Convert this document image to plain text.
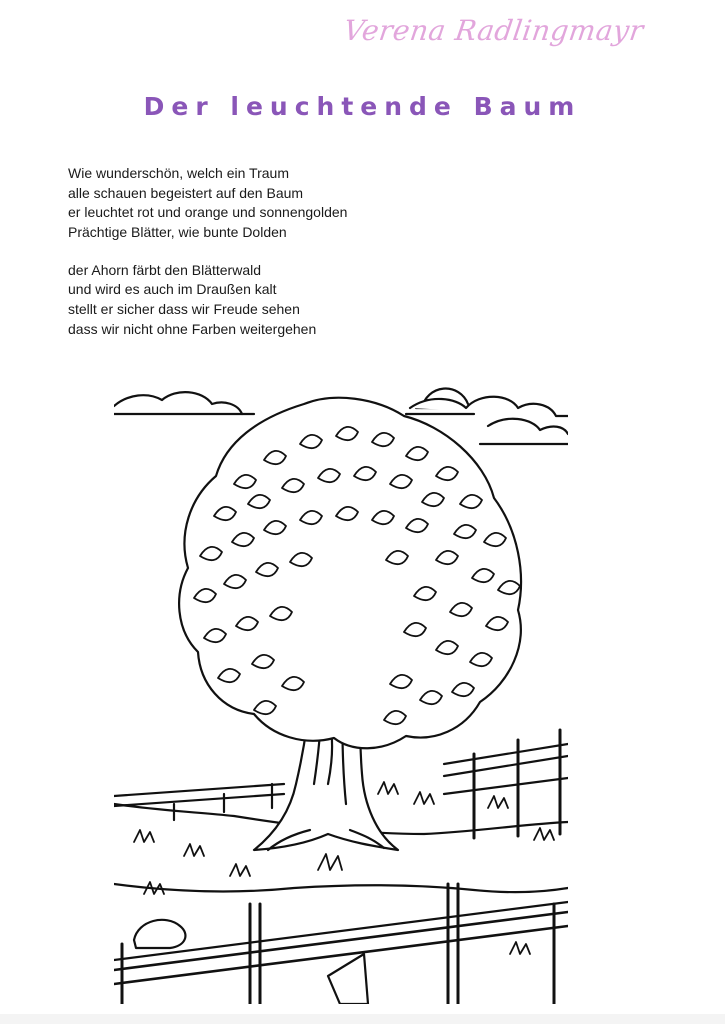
Verena Radlingmayr
Der leuchtende Baum
Wie wunderschön, welch ein Traum
alle schauen begeistert auf den Baum
er leuchtet rot und orange und sonnengolden
Prächtige Blätter, wie bunte Dolden
der Ahorn färbt den Blätterwald
und wird es auch im Draußen kalt
stellt er sicher dass wir Freude sehen
dass wir nicht ohne Farben weitergehen
